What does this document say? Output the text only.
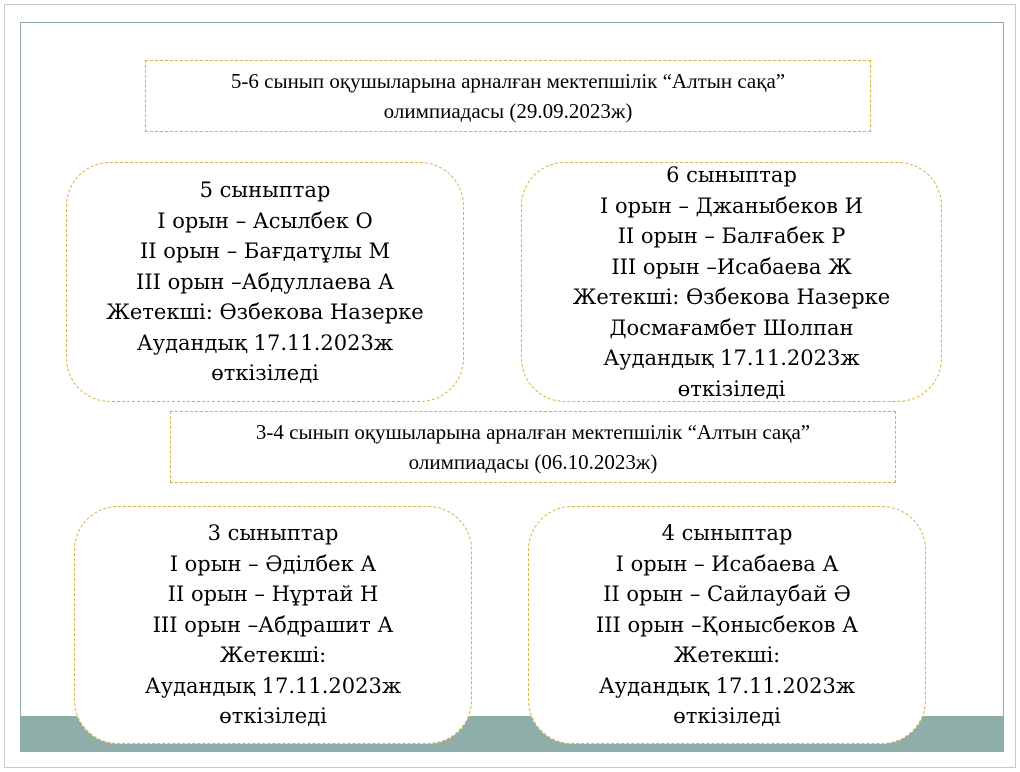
5-6 сынып оқушыларына арналған мектепшілік “Алтын сақа”
олимпиадасы (29.09.2023ж)
5 сыныптар
І орын – Асылбек О
ІІ орын – Бағдатұлы М
ІІІ орын –Абдуллаева А
Жетекші: Өзбекова Назерке
Аудандық 17.11.2023ж
өткізіледі
6 сыныптар
І орын – Джаныбеков И
ІІ орын – Балғабек Р
ІІІ орын –Исабаева Ж
Жетекші: Өзбекова Назерке
Досмағамбет Шолпан
Аудандық 17.11.2023ж
өткізіледі
3-4 сынып оқушыларына арналған мектепшілік “Алтын сақа”
олимпиадасы (06.10.2023ж)
3 сыныптар
І орын – Әділбек А
ІІ орын – Нұртай Н
ІІІ орын –Абдрашит А
Жетекші:
Аудандық 17.11.2023ж
өткізіледі
4 сыныптар
І орын – Исабаева А
ІІ орын – Сайлаубай Ә
ІІІ орын –Қонысбеков А
Жетекші:
Аудандық 17.11.2023ж
өткізіледі
